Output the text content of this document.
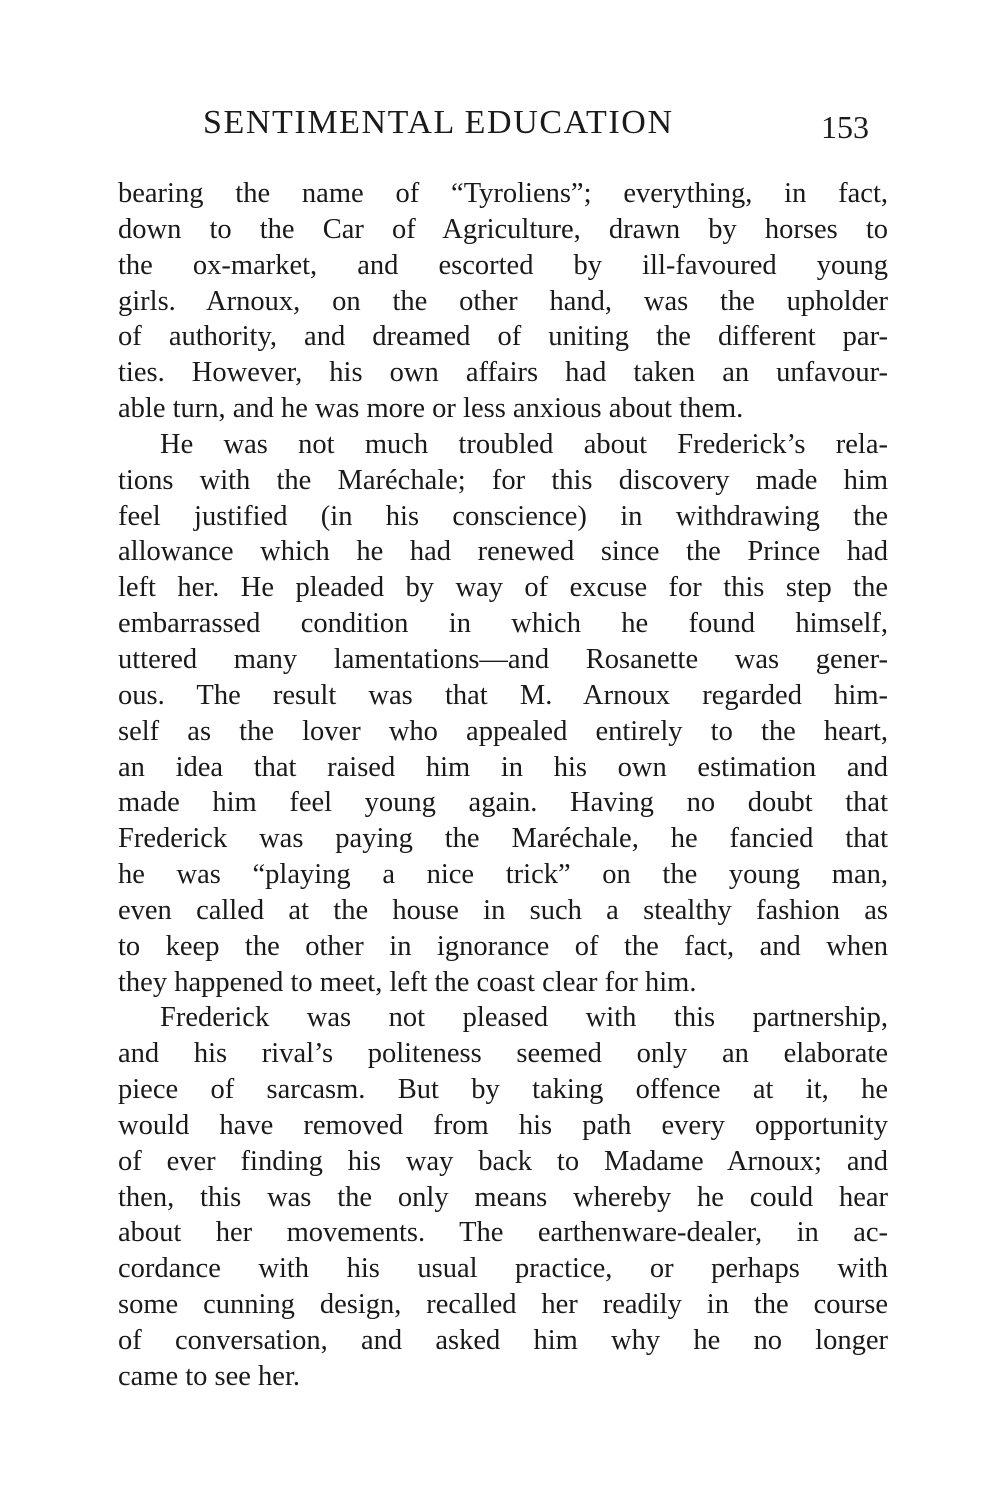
SENTIMENTAL EDUCATION	153
bearing the name of “Tyroliens”; everything, in fact,
down to the Car of Agriculture, drawn by horses to
the ox-market, and escorted by ill-favoured young
girls. Arnoux, on the other hand, was the upholder
of authority, and dreamed of uniting the different par-
ties. However, his own affairs had taken an unfavour-
able turn, and he was more or less anxious about them.
He was not much troubled about Frederick’s rela-
tions with the Maréchale; for this discovery made him
feel justified (in his conscience) in withdrawing the
allowance which he had renewed since the Prince had
left her. He pleaded by way of excuse for this step the
embarrassed condition in which he found himself,
uttered many lamentations—and Rosanette was gener-
ous. The result was that M. Arnoux regarded him-
self as the lover who appealed entirely to the heart,
an idea that raised him in his own estimation and
made him feel young again. Having no doubt that
Frederick was paying the Maréchale, he fancied that
he was “playing a nice trick” on the young man,
even called at the house in such a stealthy fashion as
to keep the other in ignorance of the fact, and when
they happened to meet, left the coast clear for him.
Frederick was not pleased with this partnership,
and his rival’s politeness seemed only an elaborate
piece of sarcasm. But by taking offence at it, he
would have removed from his path every opportunity
of ever finding his way back to Madame Arnoux; and
then, this was the only means whereby he could hear
about her movements. The earthenware-dealer, in ac-
cordance with his usual practice, or perhaps with
some cunning design, recalled her readily in the course
of conversation, and asked him why he no longer
came to see her.
